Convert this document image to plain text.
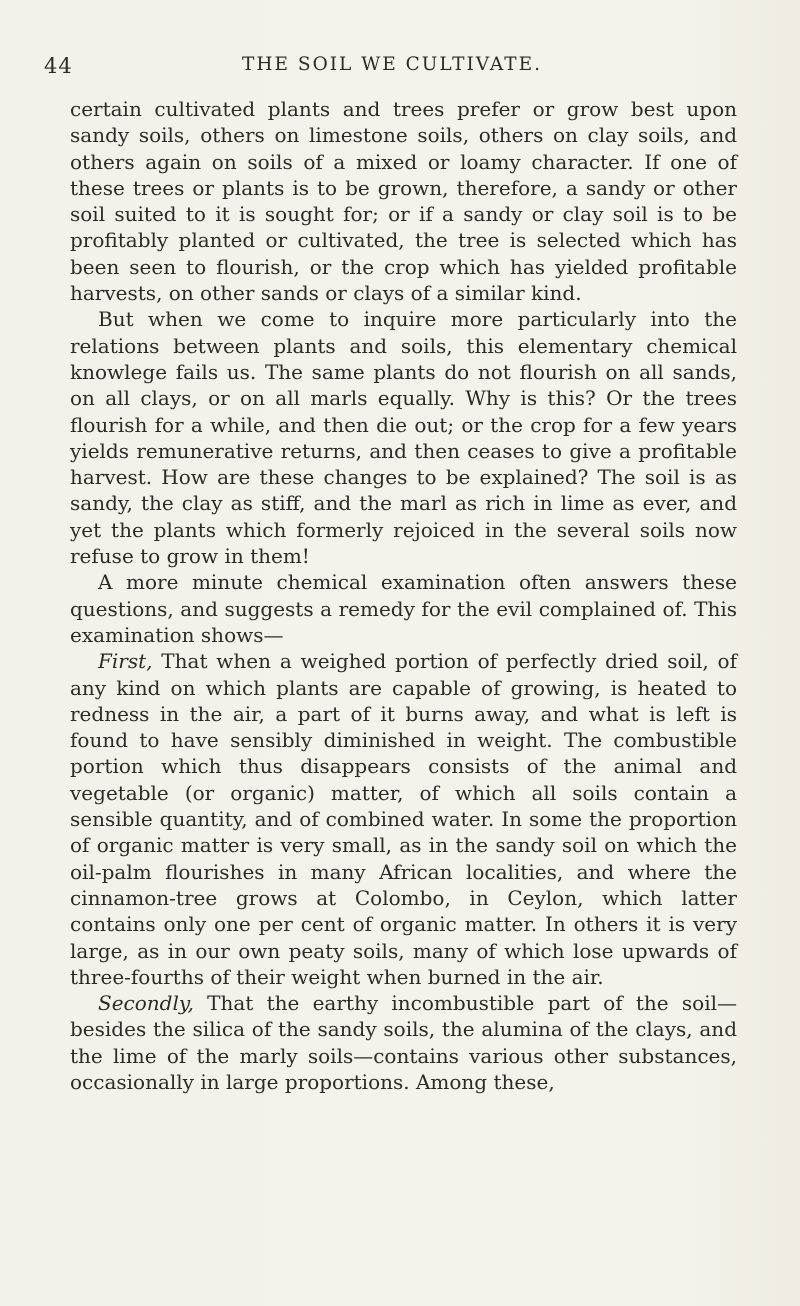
44	THE SOIL WE CULTIVATE.

certain cultivated plants and trees prefer or grow best upon sandy soils, others on limestone soils, others on clay soils, and others again on soils of a mixed or loamy character. If one of these trees or plants is to be grown, therefore, a sandy or other soil suited to it is sought for; or if a sandy or clay soil is to be profitably planted or cultivated, the tree is selected which has been seen to flourish, or the crop which has yielded profitable harvests, on other sands or clays of a similar kind.

But when we come to inquire more particularly into the relations between plants and soils, this elementary chemical knowlege fails us. The same plants do not flourish on all sands, on all clays, or on all marls equally. Why is this? Or the trees flourish for a while, and then die out; or the crop for a few years yields remunerative returns, and then ceases to give a profitable harvest. How are these changes to be explained? The soil is as sandy, the clay as stiff, and the marl as rich in lime as ever, and yet the plants which formerly rejoiced in the several soils now refuse to grow in them!

A more minute chemical examination often answers these questions, and suggests a remedy for the evil complained of. This examination shows—

First, That when a weighed portion of perfectly dried soil, of any kind on which plants are capable of growing, is heated to redness in the air, a part of it burns away, and what is left is found to have sensibly diminished in weight. The combustible portion which thus disappears consists of the animal and vegetable (or organic) matter, of which all soils contain a sensible quantity, and of combined water. In some the proportion of organic matter is very small, as in the sandy soil on which the oil-palm flourishes in many African localities, and where the cinnamon-tree grows at Colombo, in Ceylon, which latter contains only one per cent of organic matter. In others it is very large, as in our own peaty soils, many of which lose upwards of three-fourths of their weight when burned in the air.

Secondly, That the earthy incombustible part of the soil— besides the silica of the sandy soils, the alumina of the clays, and the lime of the marly soils—contains various other substances, occasionally in large proportions. Among these,
